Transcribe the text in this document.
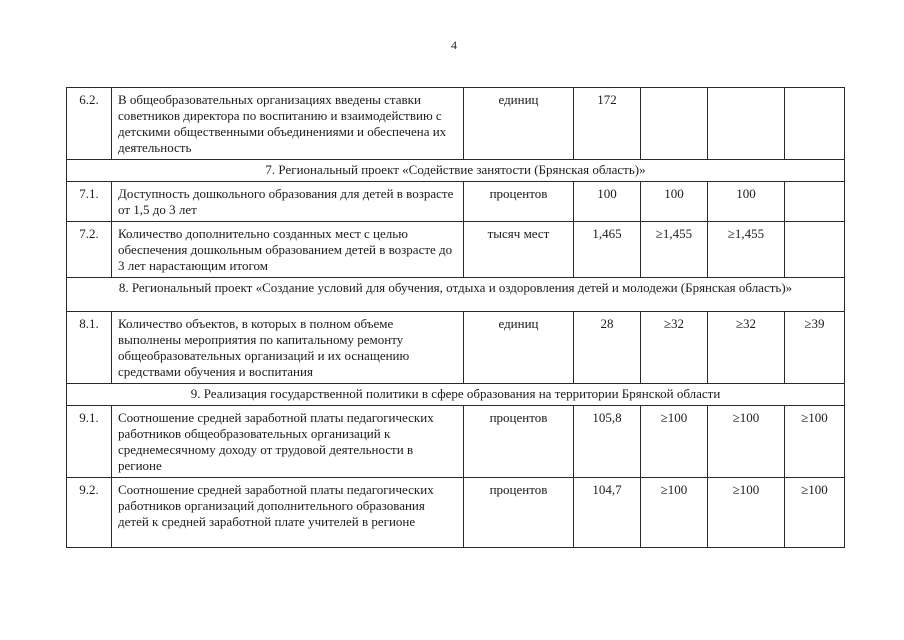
4
6.2.	В общеобразовательных организациях введены ставки советников директора по воспитанию и взаимодействию с детскими общественными объединениями и обеспечена их деятельность	единиц	172			
7. Региональный проект «Содействие занятости (Брянская область)»						
7.1.	Доступность дошкольного образования для детей в возрасте от 1,5 до 3 лет	процентов	100	100	100	
7.2.	Количество дополнительно созданных мест с целью обеспечения дошкольным образованием детей в возрасте до 3 лет нарастающим итогом	тысяч мест	1,465	≥1,455	≥1,455	
8. Региональный проект «Создание условий для обучения, отдыха и оздоровления детей и молодежи (Брянская область)»						
8.1.	Количество объектов, в которых в полном объеме выполнены мероприятия по капитальному ремонту общеобразовательных организаций и их оснащению средствами обучения и воспитания	единиц	28	≥32	≥32	≥39
9. Реализация государственной политики в сфере образования на территории Брянской области						
9.1.	Соотношение средней заработной платы педагогических работников общеобразовательных организаций к среднемесячному доходу от трудовой деятельности в регионе	процентов	105,8	≥100	≥100	≥100
9.2.	Соотношение средней заработной платы педагогических работников организаций дополнительного образования детей к средней заработной плате учителей в регионе	процентов	104,7	≥100	≥100	≥100
